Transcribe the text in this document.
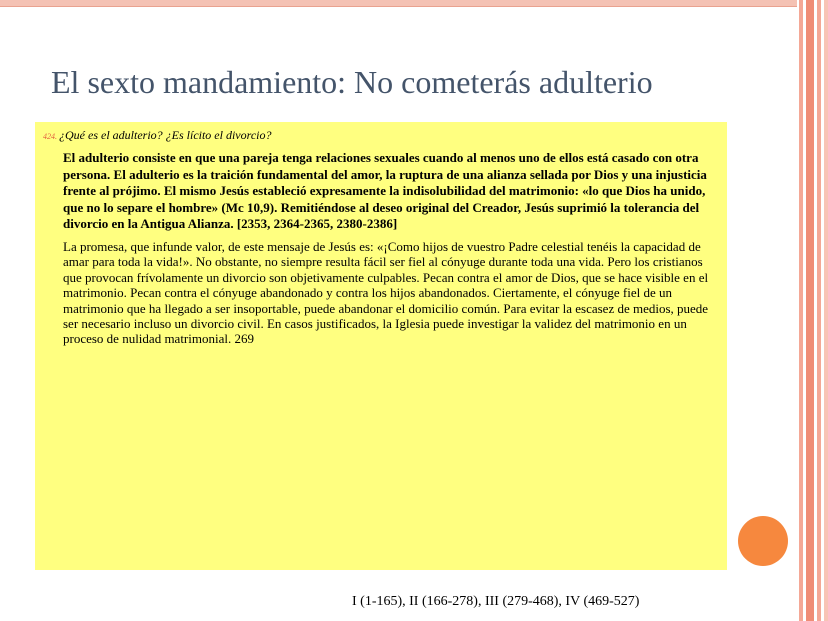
El sexto mandamiento: No cometerás adulterio

424. ¿Qué es el adulterio? ¿Es lícito el divorcio?

El adulterio consiste en que una pareja tenga relaciones sexuales cuando al menos uno de ellos está casado con otra persona. El adulterio es la traición fundamental del amor, la ruptura de una alianza sellada por Dios y una injusticia frente al prójimo. El mismo Jesús estableció expresamente la indisolubilidad del matrimonio: «lo que Dios ha unido, que no lo separe el hombre» (Mc 10,9). Remitiéndose al deseo original del Creador, Jesús suprimió la tolerancia del divorcio en la Antigua Alianza. [2353, 2364-2365, 2380-2386]

La promesa, que infunde valor, de este mensaje de Jesús es: «¡Como hijos de vuestro Padre celestial tenéis la capacidad de amar para toda la vida!». No obstante, no siempre resulta fácil ser fiel al cónyuge durante toda una vida. Pero los cristianos que provocan frívolamente un divorcio son objetivamente culpables. Pecan contra el amor de Dios, que se hace visible en el matrimonio. Pecan contra el cónyuge abandonado y contra los hijos abandonados. Ciertamente, el cónyuge fiel de un matrimonio que ha llegado a ser insoportable, puede abandonar el domicilio común. Para evitar la escasez de medios, puede ser necesario incluso un divorcio civil. En casos justificados, la Iglesia puede investigar la validez del matrimonio en un proceso de nulidad matrimonial. 269

I (1-165), II (166-278), III (279-468), IV (469-527)
